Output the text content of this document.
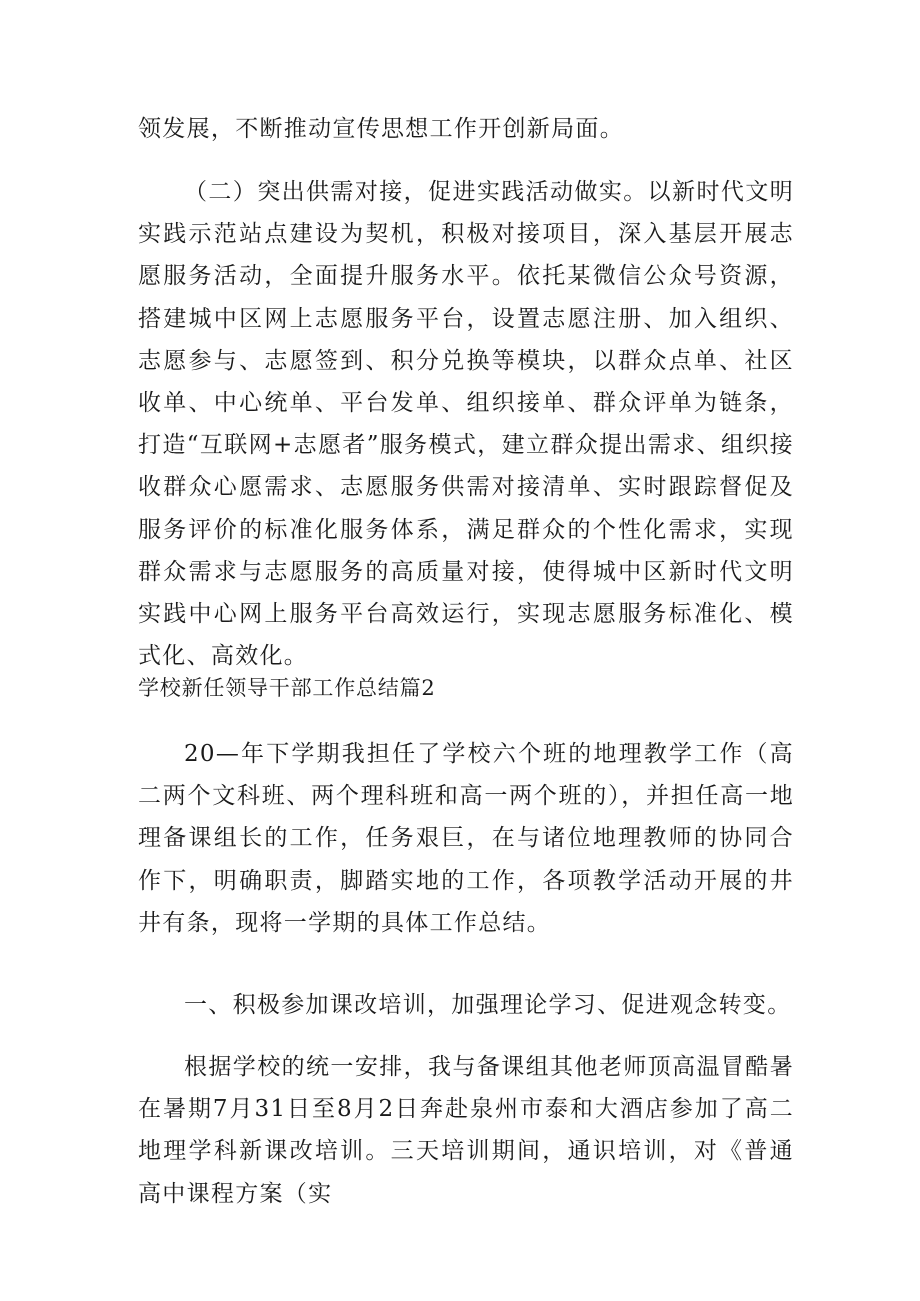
领发展，不断推动宣传思想工作开创新局面。

（二）突出供需对接，促进实践活动做实。以新时代文明实践示范站点建设为契机，积极对接项目，深入基层开展志愿服务活动，全面提升服务水平。依托某微信公众号资源，搭建城中区网上志愿服务平台，设置志愿注册、加入组织、志愿参与、志愿签到、积分兑换等模块，以群众点单、社区收单、中心统单、平台发单、组织接单、群众评单为链条，打造“互联网+志愿者”服务模式，建立群众提出需求、组织接收群众心愿需求、志愿服务供需对接清单、实时跟踪督促及服务评价的标准化服务体系，满足群众的个性化需求，实现群众需求与志愿服务的高质量对接，使得城中区新时代文明实践中心网上服务平台高效运行，实现志愿服务标准化、模式化、高效化。

学校新任领导干部工作总结篇2

20—年下学期我担任了学校六个班的地理教学工作（高二两个文科班、两个理科班和高一两个班的），并担任高一地理备课组长的工作，任务艰巨，在与诸位地理教师的协同合作下，明确职责，脚踏实地的工作，各项教学活动开展的井井有条，现将一学期的具体工作总结。

一、积极参加课改培训，加强理论学习、促进观念转变。

根据学校的统一安排，我与备课组其他老师顶高温冒酷暑在暑期7月31日至8月2日奔赴泉州市泰和大酒店参加了高二地理学科新课改培训。三天培训期间，通识培训，对《普通高中课程方案（实
